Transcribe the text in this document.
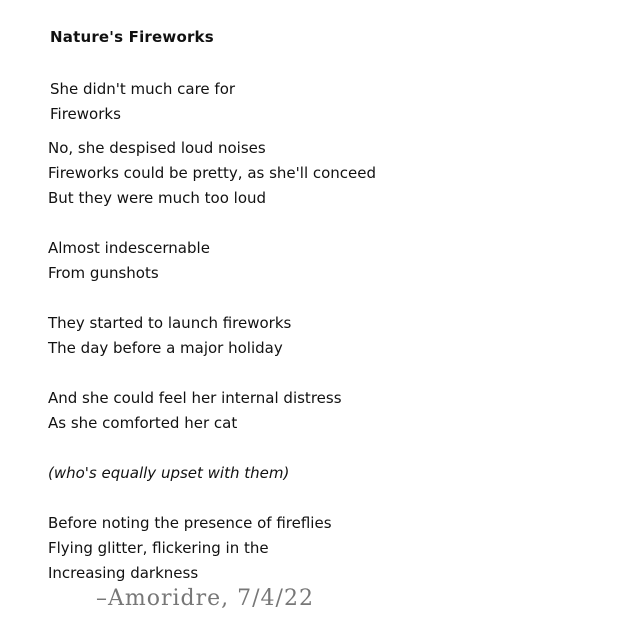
Nature's Fireworks
She didn't much care for
Fireworks
No, she despised loud noises
Fireworks could be pretty, as she'll conceed
But they were much too loud
Almost indescernable
From gunshots
They started to launch fireworks
The day before a major holiday
And she could feel her internal distress
As she comforted her cat
(who's equally upset with them)
Before noting the presence of fireflies
Flying glitter, flickering in the
Increasing darkness
–Amoridre, 7/4/22
